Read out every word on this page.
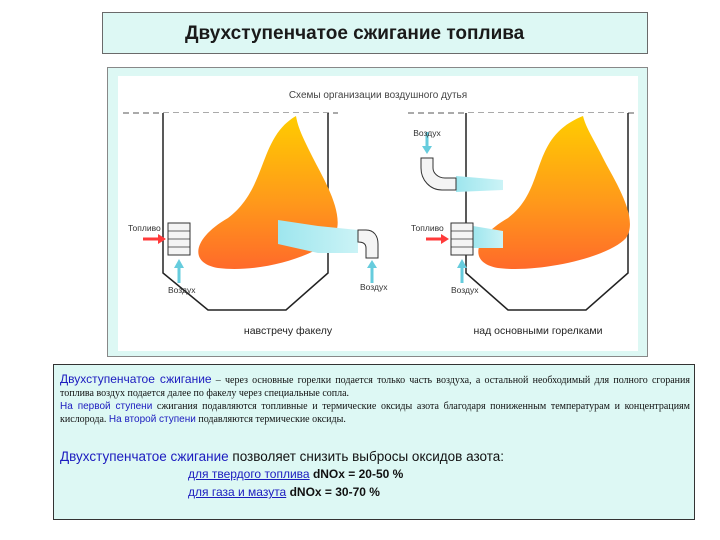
Двухступенчатое сжигание топлива
Схемы организации воздушного дутья
Топливо
Воздух	Воздух
навстречу факелу
Воздух
Топливо
Воздух
над основными горелками
Двухступенчатое сжигание – через основные горелки подается только часть воздуха, а остальной необходимый для полного сгорания топлива воздух подается далее по факелу через специальные сопла.
На первой ступени сжигания подавляются топливные и термические оксиды азота благодаря пониженным температурам и концентрациям кислорода. На второй ступени подавляются термические оксиды.
Двухступенчатое сжигание позволяет снизить выбросы оксидов азота:
для твердого топлива dNOx = 20-50 %
для газа и мазута dNOx = 30-70 %
